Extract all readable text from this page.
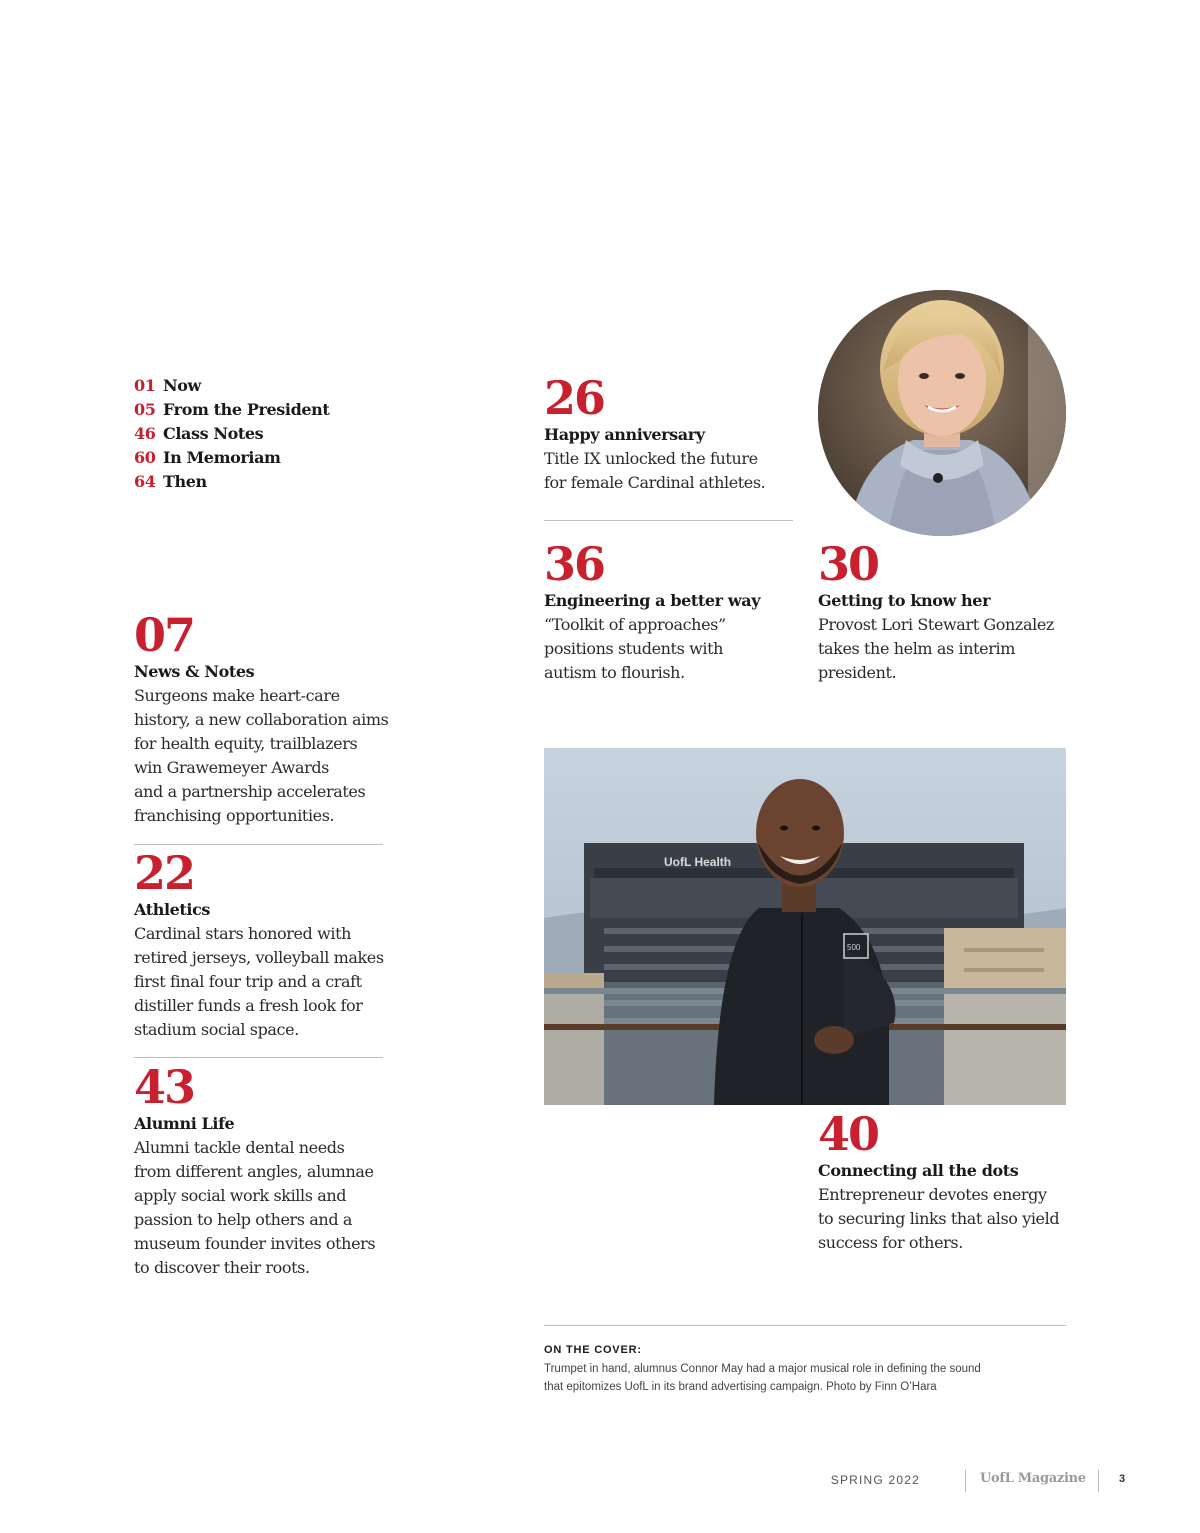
01 Now
05 From the President
46 Class Notes
60 In Memoriam
64 Then
26
Happy anniversary
Title IX unlocked the future
for female Cardinal athletes.
36
Engineering a better way
“Toolkit of approaches”
positions students with
autism to flourish.
30
Getting to know her
Provost Lori Stewart Gonzalez
takes the helm as interim
president.
07
News & Notes
Surgeons make heart-care
history, a new collaboration aims
for health equity, trailblazers
win Grawemeyer Awards
and a partnership accelerates
franchising opportunities.
22
Athletics
Cardinal stars honored with
retired jerseys, volleyball makes
first final four trip and a craft
distiller funds a fresh look for
stadium social space.
43
Alumni Life
Alumni tackle dental needs
from different angles, alumnae
apply social work skills and
passion to help others and a
museum founder invites others
to discover their roots.
UofL Health
500
40
Connecting all the dots
Entrepreneur devotes energy
to securing links that also yield
success for others.
ON THE COVER:
Trumpet in hand, alumnus Connor May had a major musical role in defining the sound
that epitomizes UofL in its brand advertising campaign. Photo by Finn O’Hara
SPRING 2022	UofL Magazine	3
